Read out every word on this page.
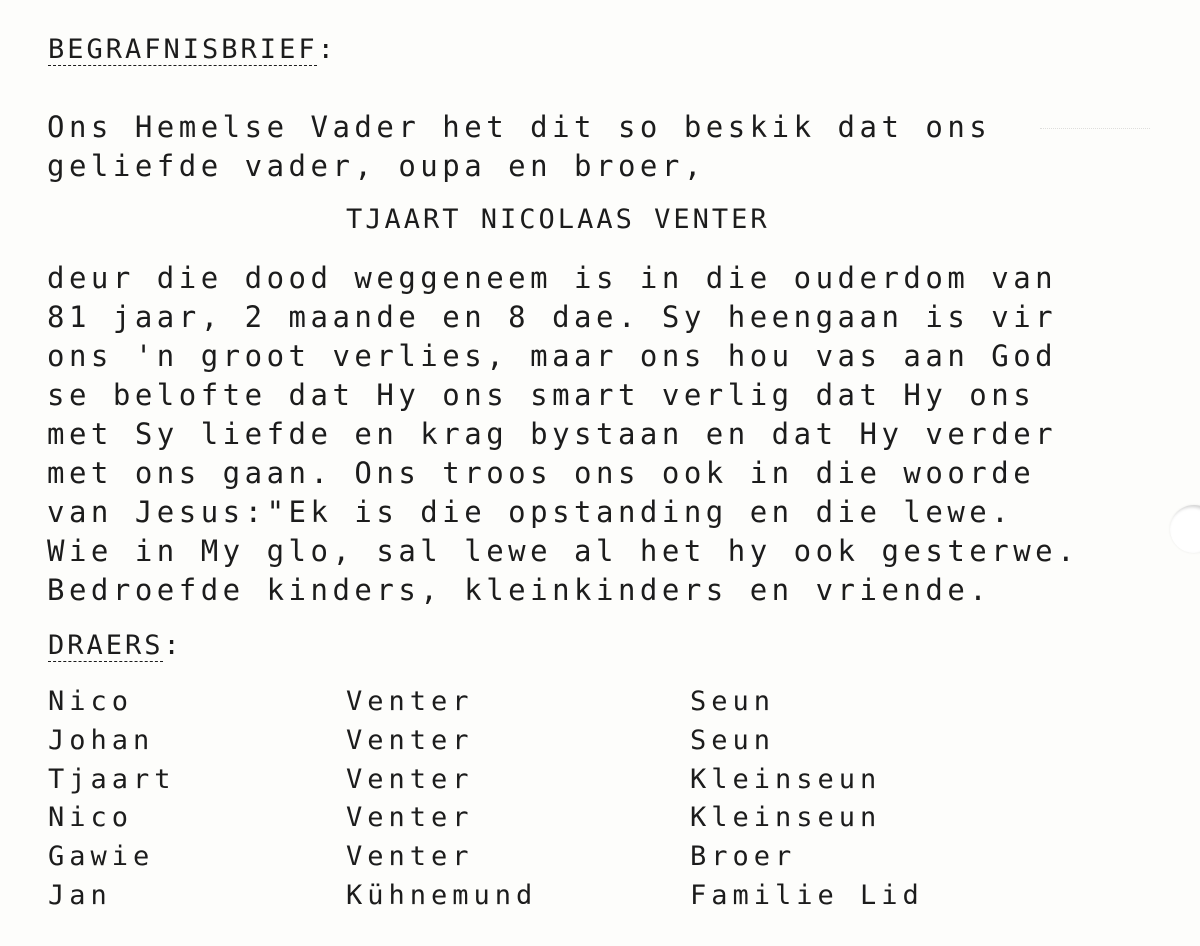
BEGRAFNISBRIEF:
Ons Hemelse Vader het dit so beskik dat ons
geliefde vader, oupa en broer,
TJAART NICOLAAS VENTER
deur die dood weggeneem is in die ouderdom van
81 jaar, 2 maande en 8 dae. Sy heengaan is vir
ons 'n groot verlies, maar ons hou vas aan God
se belofte dat Hy ons smart verlig dat Hy ons
met Sy liefde en krag bystaan en dat Hy verder
met ons gaan. Ons troos ons ook in die woorde
van Jesus:"Ek is die opstanding en die lewe.
Wie in My glo, sal lewe al het hy ook gesterwe.
Bedroefde kinders, kleinkinders en vriende.
DRAERS:
Nico	Venter	Seun
Johan	Venter	Seun
Tjaart	Venter	Kleinseun
Nico	Venter	Kleinseun
Gawie	Venter	Broer
Jan	Kühnemund	Familie Lid
